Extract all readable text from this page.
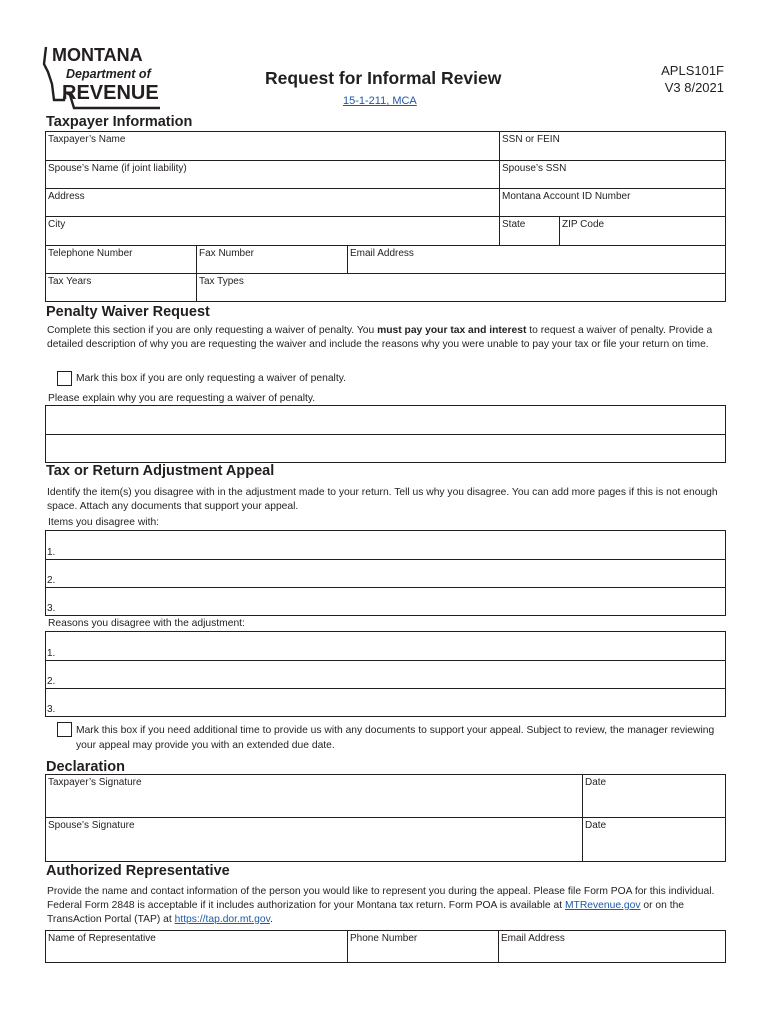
MONTANA
Department of
REVENUE
Request for Informal Review
15-1-211, MCA
APLS101F
V3 8/2021
Taxpayer Information
Taxpayer’s Name	SSN or FEIN
Spouse’s Name (if joint liability)	Spouse’s SSN
Address	Montana Account ID Number
City	State	ZIP Code
Telephone Number	Fax Number	Email Address
Tax Years	Tax Types
Penalty Waiver Request
Complete this section if you are only requesting a waiver of penalty. You must pay your tax and interest to request a waiver of penalty. Provide a detailed description of why you are requesting the waiver and include the reasons why you were unable to pay your tax or file your return on time.
Mark this box if you are only requesting a waiver of penalty.
Please explain why you are requesting a waiver of penalty.
Tax or Return Adjustment Appeal
Identify the item(s) you disagree with in the adjustment made to your return. Tell us why you disagree. You can add more pages if this is not enough space. Attach any documents that support your appeal.
Items you disagree with:
1.
2.
3.
Reasons you disagree with the adjustment:
1.
2.
3.
Mark this box if you need additional time to provide us with any documents to support your appeal. Subject to review, the manager reviewing your appeal may provide you with an extended due date.
Declaration
Taxpayer’s Signature	Date
Spouse’s Signature	Date
Authorized Representative
Provide the name and contact information of the person you would like to represent you during the appeal. Please file Form POA for this individual. Federal Form 2848 is acceptable if it includes authorization for your Montana tax return. Form POA is available at MTRevenue.gov or on the TransAction Portal (TAP) at https://tap.dor.mt.gov.
Name of Representative	Phone Number	Email Address
